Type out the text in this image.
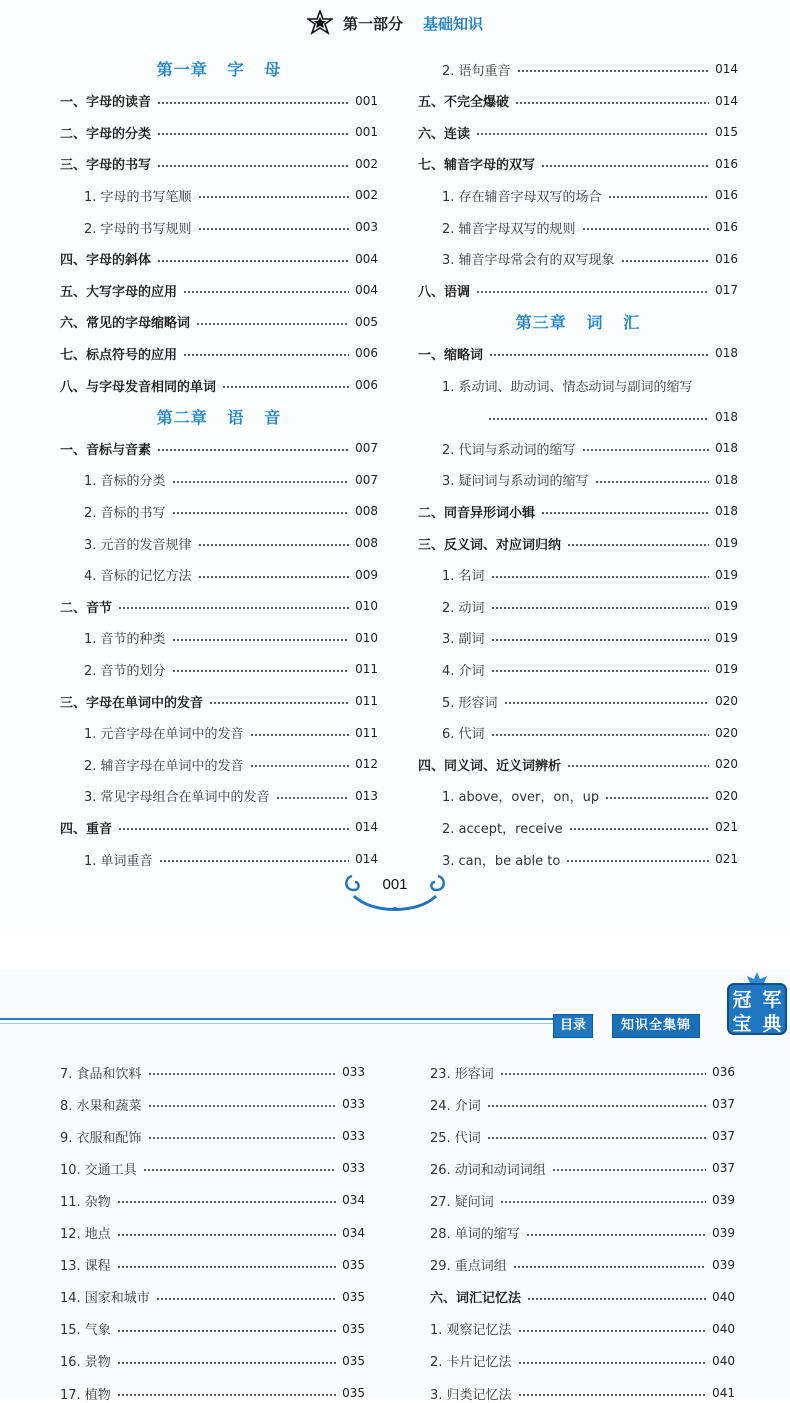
第一部分 基础知识
第一章   字   母
一、字母的读音	001
二、字母的分类	001
三、字母的书写	002
1. 字母的书写笔顺	002
2. 字母的书写规则	003
四、字母的斜体	004
五、大写字母的应用	004
六、常见的字母缩略词	005
七、标点符号的应用	006
八、与字母发音相同的单词	006
第二章   语   音
一、音标与音素	007
1. 音标的分类	007
2. 音标的书写	008
3. 元音的发音规律	008
4. 音标的记忆方法	009
二、音节	010
1. 音节的种类	010
2. 音节的划分	011
三、字母在单词中的发音	011
1. 元音字母在单词中的发音	011
2. 辅音字母在单词中的发音	012
3. 常见字母组合在单词中的发音	013
四、重音	014
1. 单词重音	014
2. 语句重音	014
五、不完全爆破	014
六、连读	015
七、辅音字母的双写	016
1. 存在辅音字母双写的场合	016
2. 辅音字母双写的规则	016
3. 辅音字母常会有的双写现象	016
八、语调	017
第三章   词   汇
一、缩略词	018
1. 系动词、助动词、情态动词与副词的缩写
018
2. 代词与系动词的缩写	018
3. 疑问词与系动词的缩写	018
二、同音异形词小辑	018
三、反义词、对应词归纳	019
1. 名词	019
2. 动词	019
3. 副词	019
4. 介词	019
5. 形容词	020
6. 代词	020
四、同义词、近义词辨析	020
1. above，over，on，up	020
2. accept，receive	021
3. can，be able to	021
001
目录	知识全集锦
冠 军
宝 典
7. 食品和饮料	033
8. 水果和蔬菜	033
9. 衣服和配饰	033
10. 交通工具	033
11. 杂物	034
12. 地点	034
13. 课程	035
14. 国家和城市	035
15. 气象	035
16. 景物	035
17. 植物	035
23. 形容词	036
24. 介词	037
25. 代词	037
26. 动词和动词词组	037
27. 疑问词	039
28. 单词的缩写	039
29. 重点词组	039
六、词汇记忆法	040
1. 观察记忆法	040
2. 卡片记忆法	040
3. 归类记忆法	041
